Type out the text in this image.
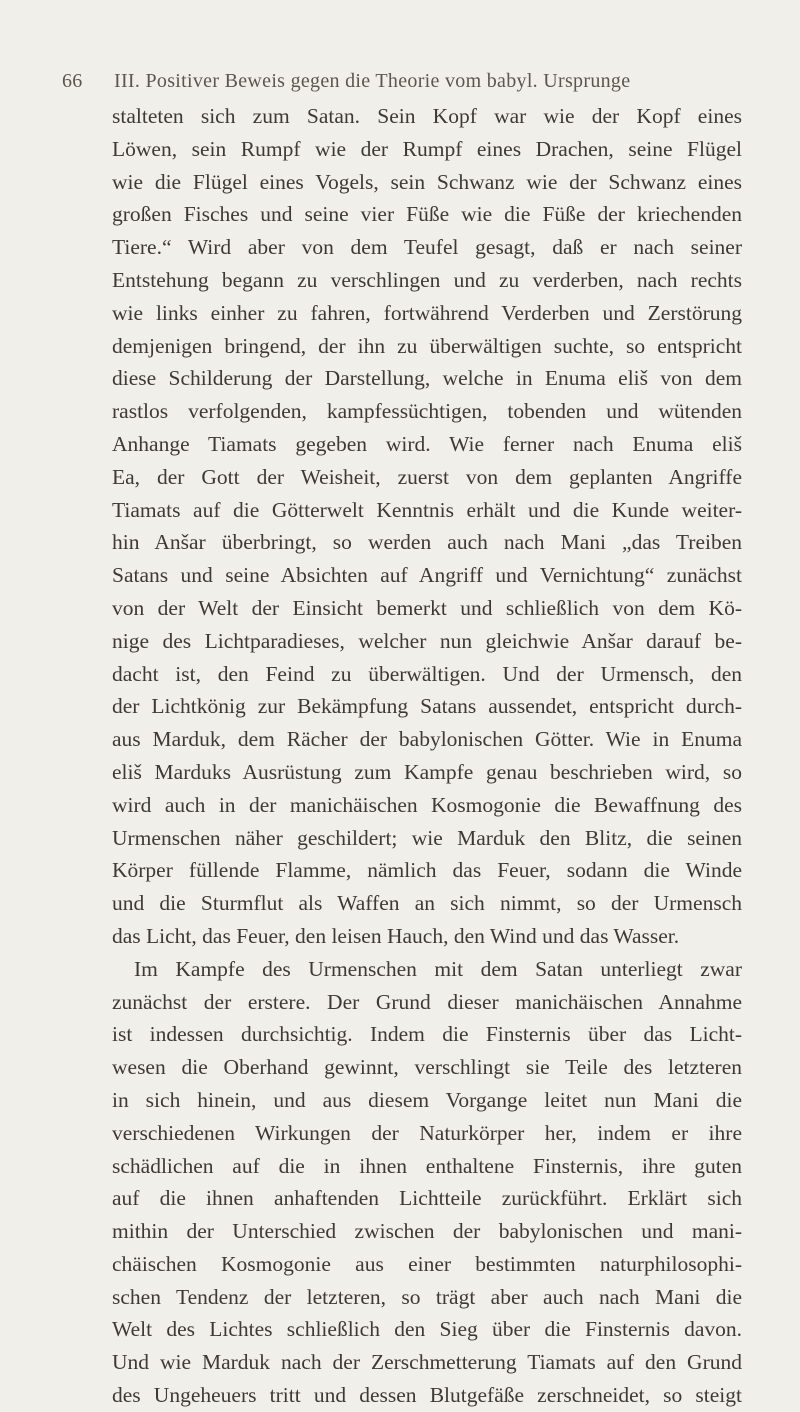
66	III. Positiver Beweis gegen die Theorie vom babyl. Ursprunge
stalteten sich zum Satan. Sein Kopf war wie der Kopf eines
Löwen, sein Rumpf wie der Rumpf eines Drachen, seine Flügel
wie die Flügel eines Vogels, sein Schwanz wie der Schwanz eines
großen Fisches und seine vier Füße wie die Füße der kriechenden
Tiere.“ Wird aber von dem Teufel gesagt, daß er nach seiner
Entstehung begann zu verschlingen und zu verderben, nach rechts
wie links einher zu fahren, fortwährend Verderben und Zerstörung
demjenigen bringend, der ihn zu überwältigen suchte, so entspricht
diese Schilderung der Darstellung, welche in Enuma eliš von dem
rastlos verfolgenden, kampfessüchtigen, tobenden und wütenden
Anhange Tiamats gegeben wird. Wie ferner nach Enuma eliš
Ea, der Gott der Weisheit, zuerst von dem geplanten Angriffe
Tiamats auf die Götterwelt Kenntnis erhält und die Kunde weiter-
hin Anšar überbringt, so werden auch nach Mani „das Treiben
Satans und seine Absichten auf Angriff und Vernichtung“ zunächst
von der Welt der Einsicht bemerkt und schließlich von dem Kö-
nige des Lichtparadieses, welcher nun gleichwie Anšar darauf be-
dacht ist, den Feind zu überwältigen. Und der Urmensch, den
der Lichtkönig zur Bekämpfung Satans aussendet, entspricht durch-
aus Marduk, dem Rächer der babylonischen Götter. Wie in Enuma
eliš Marduks Ausrüstung zum Kampfe genau beschrieben wird, so
wird auch in der manichäischen Kosmogonie die Bewaffnung des
Urmenschen näher geschildert; wie Marduk den Blitz, die seinen
Körper füllende Flamme, nämlich das Feuer, sodann die Winde
und die Sturmflut als Waffen an sich nimmt, so der Urmensch
das Licht, das Feuer, den leisen Hauch, den Wind und das Wasser.
Im Kampfe des Urmenschen mit dem Satan unterliegt zwar
zunächst der erstere. Der Grund dieser manichäischen Annahme
ist indessen durchsichtig. Indem die Finsternis über das Licht-
wesen die Oberhand gewinnt, verschlingt sie Teile des letzteren
in sich hinein, und aus diesem Vorgange leitet nun Mani die
verschiedenen Wirkungen der Naturkörper her, indem er ihre
schädlichen auf die in ihnen enthaltene Finsternis, ihre guten
auf die ihnen anhaftenden Lichtteile zurückführt. Erklärt sich
mithin der Unterschied zwischen der babylonischen und mani-
chäischen Kosmogonie aus einer bestimmten naturphilosophi-
schen Tendenz der letzteren, so trägt aber auch nach Mani die
Welt des Lichtes schließlich den Sieg über die Finsternis davon.
Und wie Marduk nach der Zerschmetterung Tiamats auf den Grund
des Ungeheuers tritt und dessen Blutgefäße zerschneidet, so steigt
